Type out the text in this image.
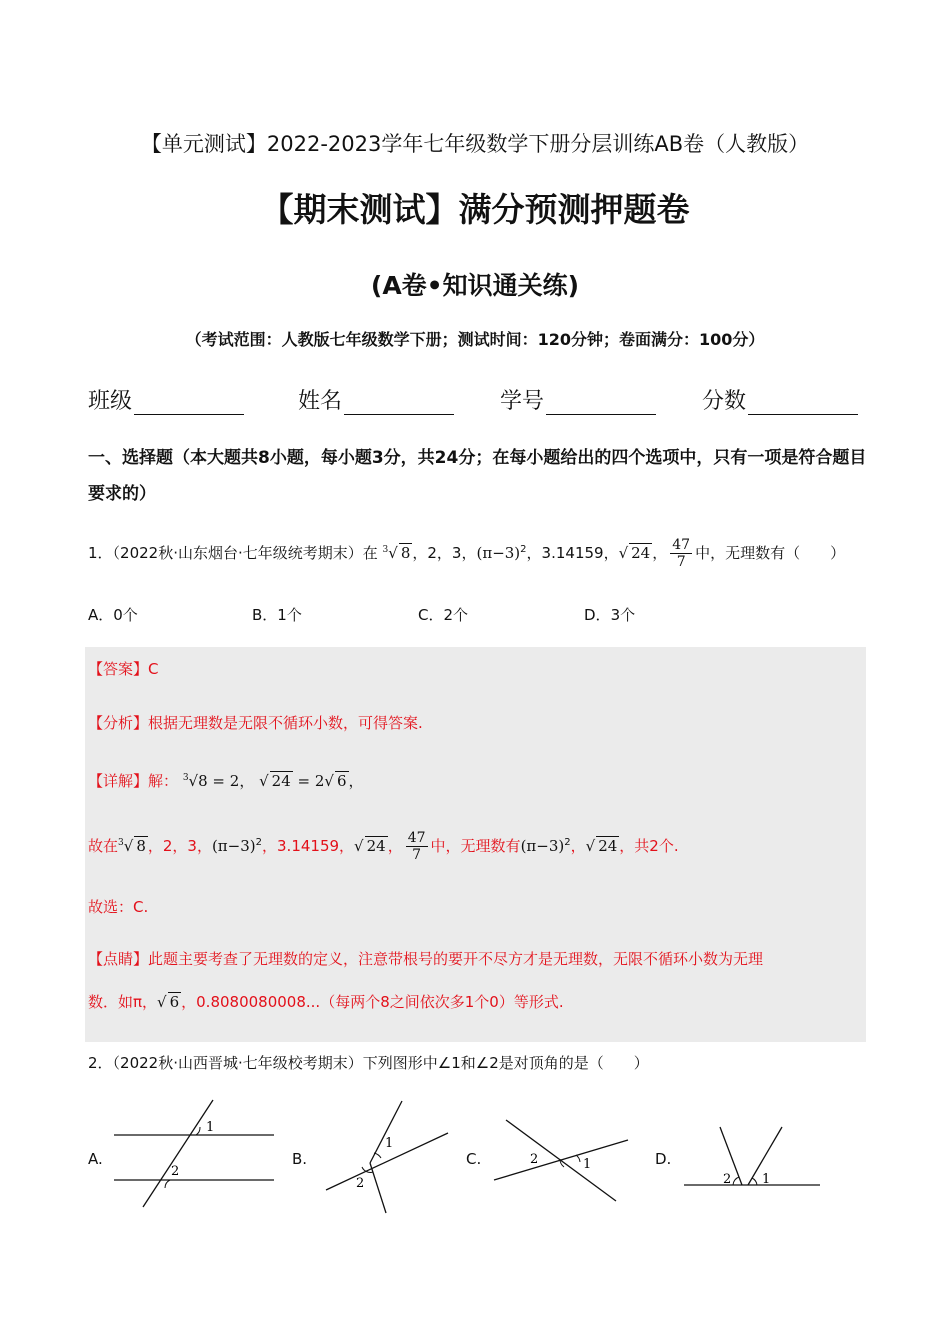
【单元测试】2022-2023学年七年级数学下册分层训练AB卷（人教版）
【期末测试】满分预测押题卷
(A卷•知识通关练)
（考试范围：人教版七年级数学下册；测试时间：120分钟；卷面满分：100分）
班级	姓名	学号	分数
一、选择题（本大题共8小题，每小题3分，共24分；在每小题给出的四个选项中，只有一项是符合题目要求的）
1．（2022秋·山东烟台·七年级统考期末）在 $^3$√ 8 ，2，3，$(\pi-3)^2$，3.14159，√ 24 ， $\frac{47}{7}$ 中，无理数有（　　）
A．0个	B．1个	C．2个	D．3个
【答案】C
【分析】根据无理数是无限不循环小数，可得答案.
【详解】解： $^3$√8 = 2， √ 24 = 2√ 6 ，
故在$^3$√ 8 ，2，3，$(\pi-3)^2$，3.14159，√ 24 ， $\frac{47}{7}$ 中，无理数有$(\pi-3)^2$，√ 24 ，共2个.
故选：C.
【点睛】此题主要考查了无理数的定义，注意带根号的要开不尽方才是无理数，无限不循环小数为无理
数．如π，√ 6 ，0.8080080008...（每两个8之间依次多1个0）等形式.
2．（2022秋·山西晋城·七年级校考期末）下列图形中∠1和∠2是对顶角的是（　　）
A.
1
2
B.
1
2
C.	2	1	D.
2 1
